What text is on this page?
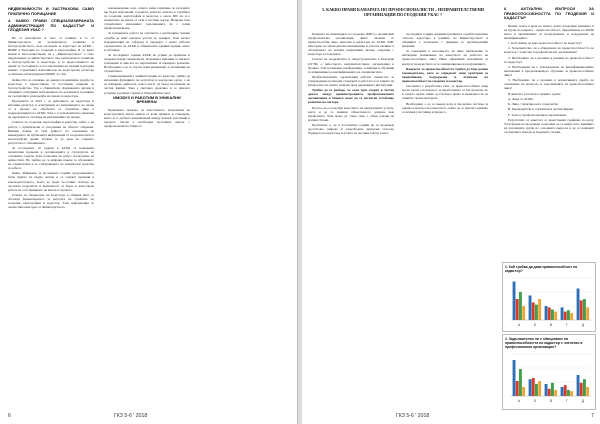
НЕДВЕЖИМОСТИ И ЗАСТРАХОВА САМО ПУБЛИЧНО ПОРИЦАНИЕ
4. КАКВО ПРАВИ СПЕЦИАЛИЗИРАНАТА АДМИНИСТРАЦИЯ ПО КАДАСТЪР И ГЕОДЕЗИЯ УКАС ?

Не са интелигент и тъпо се попиват в то от Министерството на регионалното развитие и благоустройството, към отговорна за кадастъра на АГКК – ВИФР в България по геодезия и картография. И са двата малки и малосъществени, не е „Министерството“ е само предложение за министерството във регионалното развитие и благоустройство и кадастъра, и за предоставянето на данни за състоянието и постановления на пълния подходящ клиент. Служебните изпълнители на кадастрален регистър са напълно регистрирани (ПМОР, чл. 44).

Дейността по опазване на данни и нормативна уредба по кадастъра е предоставена от постоянна комисия за благоустройство. Тук е обвинителя. Държавните органи и общините осигуряват изпълнението на регламента в рамките на съответните разпоредби на закона за кадастъра.

Програмата за 2016 г. за действието по кадастъра и имотния регистър и осигуряване на изпълнението на плана са в процес на обработка от служебни лица в подразделенията на АГКК. Това е от изключително значение на държавата и отговаря на изискванията на пазара.

Съветът по геодезия, картография и кадастър, който е на работа с практически и гласувания на общото събрание. Нямаме повече за тази дейност по отношение на въвеждането на публичната информация от геодезическите и картографски данни. Очаква се до края на годината резултати от обновяването.

За последните 10 години в АГКК са направени значителни промени в организацията и структурата на основните отдели. Това позволява по-добро съгласуване на дейностите. Но трябва да се направи повече за обучението на служителите и за осигуряването на технически средства за работа.

Какво обявяваме, за последните години: предложението беше прието на първо четене и се очакват промени в законодателството, които да дадат по-голяма свобода на частните геодезисти и възможност за бърза и качествена работа на собствениците на имоти в страната.

Отново по бюджетите на кадастъра, в община нито се обсъжда финансирането за работата на службите по геодезия, картография и кадастър. Тази информация се оповестява ежегодно от министерството.

нововъведение зора, защото няма гаранция, че разходите ще бъдат изпълнени. Средната работна заплата в службите по геодезия, картография и кадастър е около 900 лв. и е значително по-ниска от тази в частния сектор. Въпреки това служителите изпълняват задълженията си с голям професионализъм.

За правилната работа на системата е необходимо всички служби да имат еднакъв достъп до данните. Това налага модернизация на софтуера и хардуера, с които работят служителите на АГКК и общинските администрации, както и обучение.

За последните години АГКК не успява да привлече и задържи млади специалисти. Основните причини са ниското заплащане и липсата на перспектива за кариерно развитие. Необходимо е да се търсят нови механизми за мотивация на служителите.

Специализираната администрация по кадастър трябва да изпълнява функциите на регулатор и контролен орган, а не да извършва дейности, които могат да бъдат възложени на частни фирми. Това е световна практика и се прилага успешно в редица страни от Европейския съюз.

ИМОБУЗ И РАБОТИМ В УНИКАЛНИ ВРЕМЕНА!

Практиката показва, че качественото изпълнение на кадастралните карти зависи от ясни правила и стандарти, както и от добрата комуникация между всички участници в процеса. Затова е необходим постоянен диалог с професионалната общност.

6	ГКЗ 5-6 ' 2018
5. КАКВО ПРАВИ КАМАРАТА ПО ПРОФЕСИОНАЛИСТИ – НЕПРАВИТЕЛСТВЕНИ ОРГАНИЗАЦИИ ПО ГЕОДЕЗИЯ УКАС ?

Камарата на инженерите по геодезия (КИГ) е независима професионална организация, чиито членове са правоспособни лица, вписани в регистъра на АГКК. КИГ има право на законодателна инициатива и участва активно в обсъждането на всички нормативни актове, свързани с кадастъра и геодезията.

Съюзът на геодезистите и земеустроителите в България (СГЗБ) е най-старата неправителствена организация в бранша. Той организира конференции, семинари и обучения за повишаване на квалификацията на специалистите.

Професионалните организации работят съвместно за утвърждаване на високи стандарти в работата и за защита на интересите на своите членове пред държавните институции.

Трябва да се разбере, че само чрез открит и честен диалог между администрацията, професионалните организации и бизнеса може да се постигне устойчиво развитие на сектора.

Целта е да се подобри качеството на предлаганите услуги, както и да се повиши общественото доверие към професията. Това може да стане само с общи усилия на всички страни.

Проблемът е, че в последните години не се провежда достатъчно широка и задълбочена дискусия относно бъдещето на кадастъра и ролята на частния сектор в него.

последните години Административната съдебна практика относно кадастъра в рамките на Министерството и общините е изпълнена с примери за противоречиви решения.

За съжаление в настоящото, но явно наблюдение се наблюдава понижаване на качеството на работата на правоспособните лица. Няма ефективни механизми за контрол на качеството и за санкциониране на нарушенията.

Въпросът за правоспособността трябва да бъде решен законодателно, като се определят ясни критерии за придобиване, поддържане и отнемане на правоспособност по геодезия и кадастър.

Системата е разработена така, че правоспособните лица носят пълна отговорност за изработените от тях проекти, но в същото време нямат достатъчно права и възможности да защитят своите интереси.

Необходимо е да се въведе ясна и прозрачна система за оценка и контрол на качеството, която да се прилага еднакво за всички участници в процеса.

6. АКТУАЛНИ ВЪПРОСИ ЗА ПРАВОСПОСОБНОСТТА ПО ГЕОДЕЗИЯ И КАДАСТЪР

Имаме тези и в края на темата, които разделяме мнението и на групи на клиента – правоспособност, придобиване по ЗКИР, както и механизмите за продължаване и поддържане на квалификацията.

1. Кой трябва да дава правоспособност по кадастър?

2. Задължително ли е обвързване на правоспособността по кадастър с членство в професионална организация?

3. Необходимо ли е промяна в режима на правоспособност по кадастър?

4. Необходими ли е утвърждаване на квалификационните изисквания и продължаващото обучение за правоспособните лица?

5. Необходимо ли е промяна в нормативната уредба по отношение на контрола и задълженията на правоспособните лица?

В анкетата участваха следните групи:

А. Лица от АГКК;

Б. Лица с практика като геодезисти;

В. Ръководители и служители в частни фирми.

Г. Тези от професионалните организации.

Резултатите от анкетата са представени графично по-долу. Тази форма на проучване позволява да се видят ясно мненията на различните групи по основните въпроси и да се направят съответните изводи за бъдещите стъпки.

1. Кой трябва да дава правоспособност по кадастър?
А	Б	В	Г	Д
2. Задължително ли е обвързване на правоспособността по кадастър с членство в професионална организация?
А	Б	В	Г	Д
ГКЗ 5-6 ' 2018	7
